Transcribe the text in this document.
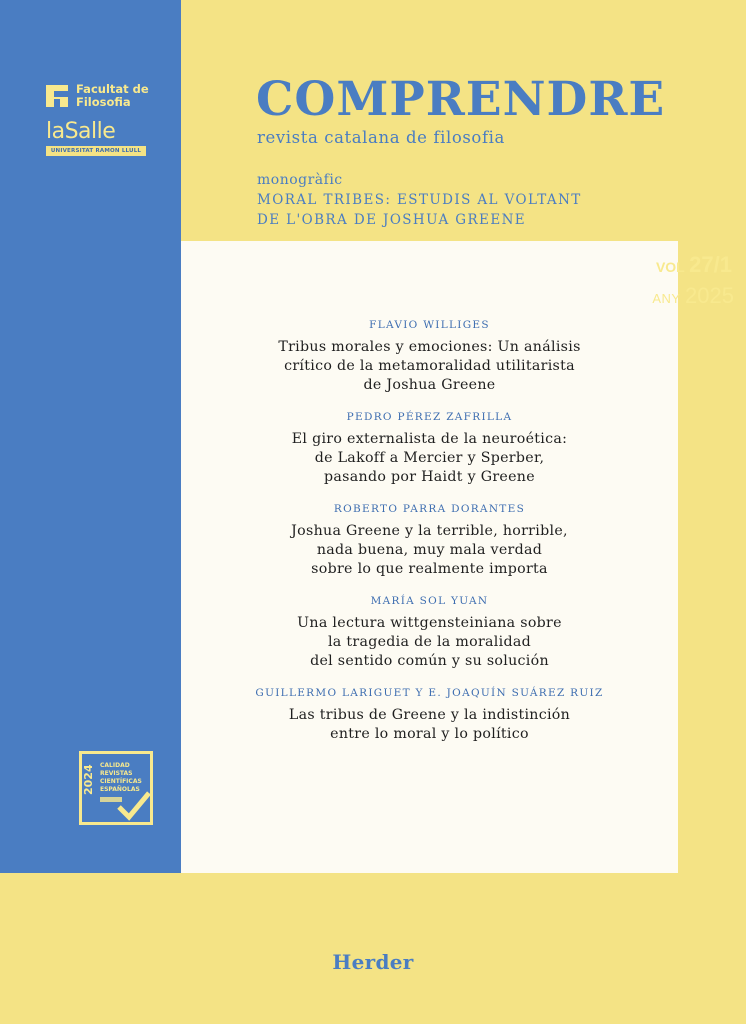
Facultat de
Filosofia
laSalle
UNIVERSITAT RAMON LLULL
VOL 27/1
ANY 2025
COMPRENDRE
revista catalana de filosofia
monogràfic
MORAL TRIBES: ESTUDIS AL VOLTANT
DE L'OBRA DE JOSHUA GREENE
FLAVIO WILLIGES
Tribus morales y emociones: Un análisis
crítico de la metamoralidad utilitarista
de Joshua Greene
PEDRO PÉREZ ZAFRILLA
El giro externalista de la neuroética:
de Lakoff a Mercier y Sperber,
pasando por Haidt y Greene
ROBERTO PARRA DORANTES
Joshua Greene y la terrible, horrible,
nada buena, muy mala verdad
sobre lo que realmente importa
MARÍA SOL YUAN
Una lectura wittgensteiniana sobre
la tragedia de la moralidad
del sentido común y su solución
GUILLERMO LARIGUET Y E. JOAQUÍN SUÁREZ RUIZ
Las tribus de Greene y la indistinción
entre lo moral y lo político
2024 CALIDAD
REVISTAS
CIENTÍFICAS
ESPAÑOLAS
Herder
